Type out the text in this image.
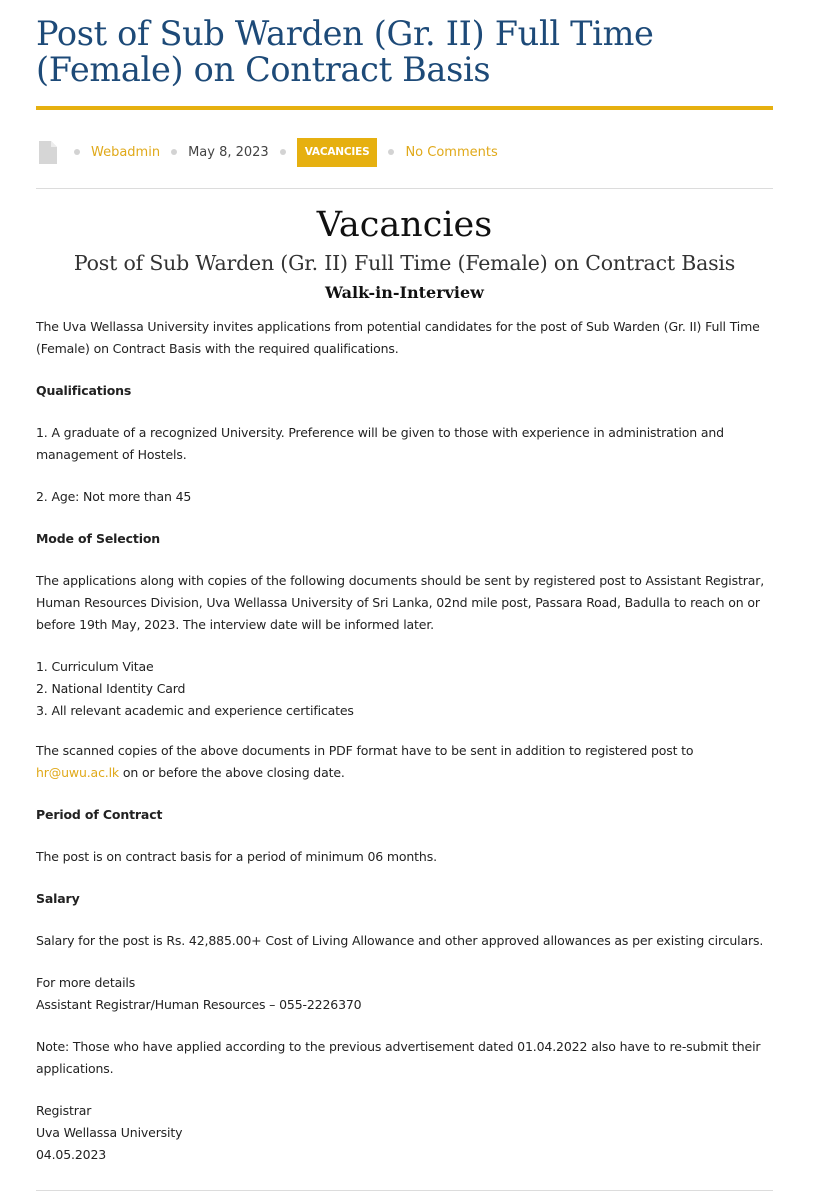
Post of Sub Warden (Gr. II) Full Time (Female) on Contract Basis
Webadmin May 8, 2023	VACANCIES	No Comments
Vacancies
Post of Sub Warden (Gr. II) Full Time (Female) on Contract Basis
Walk-in-Interview

The Uva Wellassa University invites applications from potential candidates for the post of Sub Warden (Gr. II) Full Time (Female) on Contract Basis with the required qualifications.

Qualifications

1. A graduate of a recognized University. Preference will be given to those with experience in administration and management of Hostels.

2. Age: Not more than 45

Mode of Selection

The applications along with copies of the following documents should be sent by registered post to Assistant Registrar, Human Resources Division, Uva Wellassa University of Sri Lanka, 02nd mile post, Passara Road, Badulla to reach on or before 19th May, 2023. The interview date will be informed later.

1. Curriculum Vitae

2. National Identity Card

3. All relevant academic and experience certificates

The scanned copies of the above documents in PDF format have to be sent in addition to registered post to hr@uwu.ac.lk on or before the above closing date.

Period of Contract

The post is on contract basis for a period of minimum 06 months.

Salary

Salary for the post is Rs. 42,885.00+ Cost of Living Allowance and other approved allowances as per existing circulars.

For more details

Assistant Registrar/Human Resources – 055-2226370

Note: Those who have applied according to the previous advertisement dated 01.04.2022 also have to re-submit their applications.

Registrar

Uva Wellassa University

04.05.2023
